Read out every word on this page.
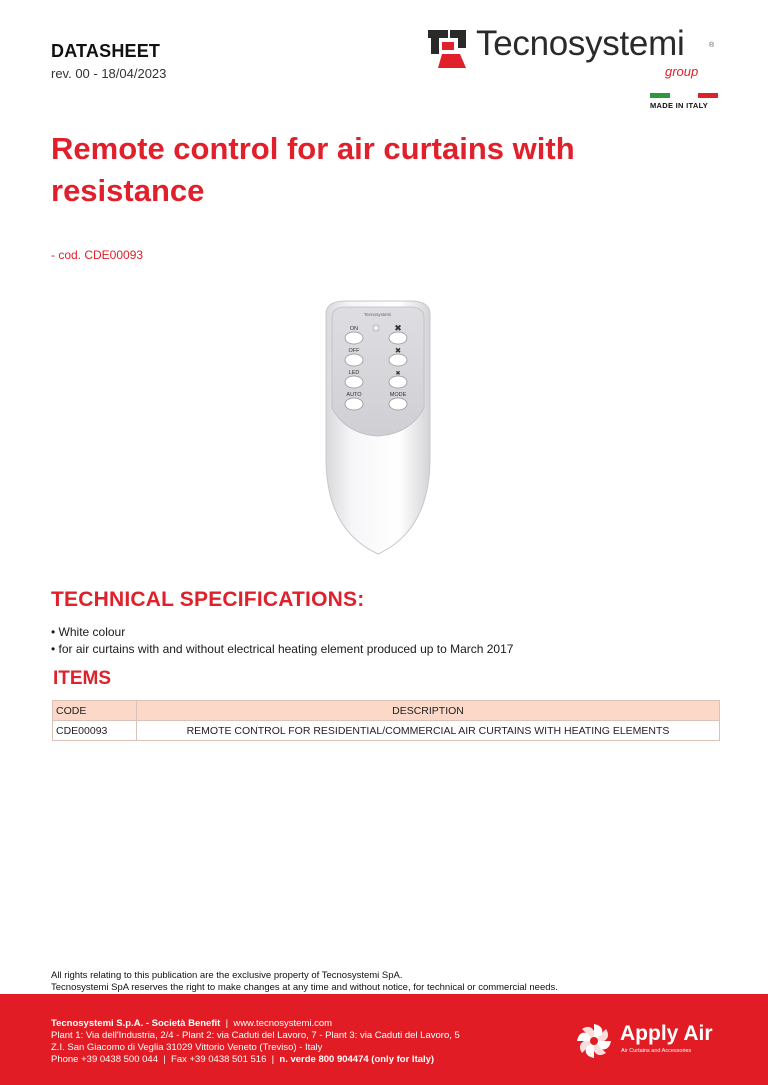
DATASHEET
rev. 00 - 18/04/2023
Tecnosystemi	®
group
MADE IN ITALY
Remote control for air curtains with resistance
- cod. CDE00093
Tecnosystemi
ON	✖
OFF	✖
LED	✖
AUTO	MODE
TECHNICAL SPECIFICATIONS:
• White colour
• for air curtains with and without electrical heating element produced up to March 2017
ITEMS
CODE	DESCRIPTION
CDE00093	REMOTE CONTROL FOR RESIDENTIAL/COMMERCIAL AIR CURTAINS WITH HEATING ELEMENTS
All rights relating to this publication are the exclusive property of Tecnosystemi SpA.
Tecnosystemi SpA reserves the right to make changes at any time and without notice, for technical or commercial needs.
Tecnosystemi S.p.A. - Società Benefit  |  www.tecnosystemi.com
Plant 1: Via dell'Industria, 2/4 - Plant 2: via Caduti del Lavoro, 7 - Plant 3: via Caduti del Lavoro, 5
Z.I. San Giacomo di Veglia 31029 Vittorio Veneto (Treviso) - Italy
Phone +39 0438 500 044  |  Fax +39 0438 501 516  |  n. verde 800 904474 (only for Italy)
Apply Air
Air Curtains and Accessories
